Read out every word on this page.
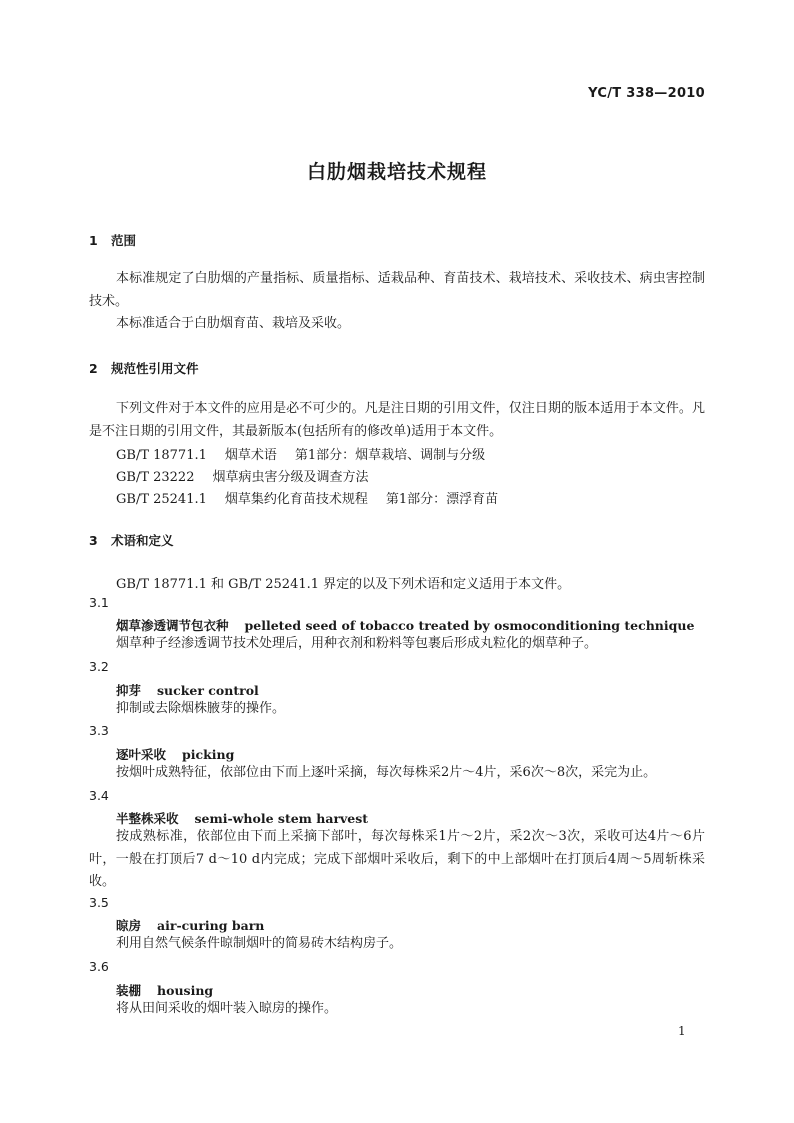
YC/T 338—2010
白肋烟栽培技术规程
1 范围
本标准规定了白肋烟的产量指标、质量指标、适栽品种、育苗技术、栽培技术、采收技术、病虫害控制技术。
本标准适合于白肋烟育苗、栽培及采收。
2 规范性引用文件
下列文件对于本文件的应用是必不可少的。凡是注日期的引用文件，仅注日期的版本适用于本文件。凡是不注日期的引用文件，其最新版本(包括所有的修改单)适用于本文件。
GB/T 18771.1 烟草术语 第1部分：烟草栽培、调制与分级
GB/T 23222 烟草病虫害分级及调查方法
GB/T 25241.1 烟草集约化育苗技术规程 第1部分：漂浮育苗
3 术语和定义
GB/T 18771.1 和 GB/T 25241.1 界定的以及下列术语和定义适用于本文件。
3.1
烟草渗透调节包衣种 pelleted seed of tobacco treated by osmoconditioning technique
烟草种子经渗透调节技术处理后，用种衣剂和粉料等包裹后形成丸粒化的烟草种子。
3.2
抑芽 sucker control
抑制或去除烟株腋芽的操作。
3.3
逐叶采收 picking
按烟叶成熟特征，依部位由下而上逐叶采摘，每次每株采2片～4片，采6次～8次，采完为止。
3.4
半整株采收 semi-whole stem harvest
按成熟标准，依部位由下而上采摘下部叶，每次每株采1片～2片，采2次～3次，采收可达4片～6片叶，一般在打顶后7 d～10 d内完成；完成下部烟叶采收后，剩下的中上部烟叶在打顶后4周～5周斩株采收。
3.5
晾房 air-curing barn
利用自然气候条件晾制烟叶的简易砖木结构房子。
3.6
装棚 housing
将从田间采收的烟叶装入晾房的操作。
1
